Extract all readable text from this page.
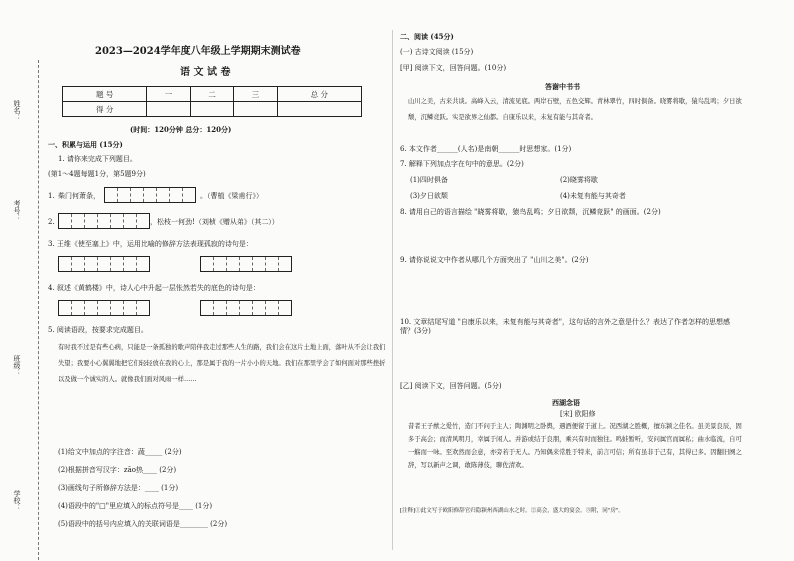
姓名：
考号：
班级：
学校：
2023—2024学年度八年级上学期期末测试卷
语 文 试 卷
题 号	一	二	三	总 分
得 分				
(时间：120分钟 总分：120分)
一、积累与运用 (15分)
1. 请你来完成下列题目。
(第1～4题每题1分，第5题9分)
1. 柴门何萧条，	。（曹植《梁甫行》）
2.	，松枝一何劲!（刘桢《赠从弟》（其二））
3. 王维《使至塞上》中，运用比喻的修辞方法表现孤寂的诗句是：
4. 叙述《黄鹤楼》中，诗人心中升起一层怅然若失的底色的诗句是：
5. 阅读语段，按要求完成题目。
有时我不过是有些心病，只能是一条孤独的歌声陪伴我走过那些人生的路，我们会在这片土地上面，落叶从不会让我们失望；我要小心翼翼地把它们轻轻放在我的心上，那是属于我的一片小小的天地。我们在那里学会了如何面对那些挫折以及做一个诚实的人。就像我们面对风雨一样……
(1)给文中加点的字注音：蔬_____ (2分)
(2)根据拼音写汉字：zāo热____ (2分)
(3)画线句子所修辞方法是：____ (1分)
(4)语段中的"□"里应填入的标点符号是____ (1分)
(5)语段中的括号内应填入的关联词语是________ (2分)
二、阅读 (45分)
(一) 古诗文阅读 (15分)
[甲] 阅读下文，回答问题。(10分)
答谢中书书
山川之美，古来共谈。高峰入云，清流见底。两岸石壁，五色交辉。青林翠竹，四时俱备。晓雾将歇，猿鸟乱鸣；夕日欲颓，沉鳞竞跃。实是欲界之仙都。自康乐以来，未复有能与其奇者。
6. 本文作者______(人名)是南朝______时思想家。(1分)
7. 解释下列加点字在句中的意思。(2分)
(1)四时俱备	(2)晓雾将歇
(3)夕日欲颓	(4)未复有能与其奇者
8. 请用自己的语言描绘 "晓雾将歇，猿鸟乱鸣；夕日欲颓，沉鳞竞跃" 的画面。(2分)
9. 请你说说文中作者从哪几个方面突出了 "山川之美"。(2分)
10. 文章结尾写道 "自康乐以来，未复有能与其奇者"，这句话的言外之意是什么？表达了作者怎样的思想感情？(3分)
[乙] 阅读下文，回答问题。(5分)
西湖念语
[宋] 欧阳修
昔者王子猷之爱竹，造门不问于主人；陶渊明之卧舆，遇酒便留于道上。况西湖之胜概，擅东颍之佳名。虽美景良辰，固多于高会；而清风明月，幸属于闲人。并游或结于良朋，乘兴有时而独往。鸣蛙暂听，安问属官而属私；曲水临流，自可一觞而一咏。至欢然而会意，亦旁若于无人。乃知偶来常胜于特来，前言可信；所有虽非于己有，其得已多。因翻旧阕之辞，写以新声之调，敢陈薄伎，聊佐清欢。
[注释]①此文写于欧阳修辞官归隐颍州西湖山水之时。②高会，盛大的宴会。③附，同"房"。
